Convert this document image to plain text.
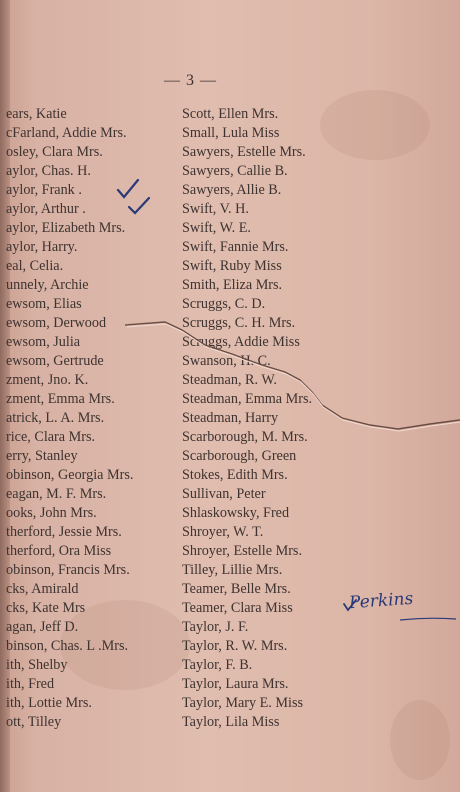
— 3 —
ears, Katie
cFarland, Addie Mrs.
osley, Clara Mrs.
aylor, Chas. H.
aylor, Frank .
aylor, Arthur .
aylor, Elizabeth Mrs.
aylor, Harry.
eal, Celia.
unnely, Archie
ewsom, Elias
ewsom, Derwood
ewsom, Julia
ewsom, Gertrude
zment, Jno. K.
zment, Emma Mrs.
atrick, L. A. Mrs.
rice, Clara Mrs.
erry, Stanley
obinson, Georgia Mrs.
eagan, M. F. Mrs.
ooks, John Mrs.
therford, Jessie Mrs.
therford, Ora Miss
obinson, Francis Mrs.
cks, Amirald
cks, Kate Mrs
agan, Jeff D.
binson, Chas. L .Mrs.
ith, Shelby
ith, Fred
ith, Lottie Mrs.
ott, Tilley
Scott, Ellen Mrs.
Small, Lula Miss
Sawyers, Estelle Mrs.
Sawyers, Callie B.
Sawyers, Allie B.
Swift, V. H.
Swift, W. E.
Swift, Fannie Mrs.
Swift, Ruby Miss
Smith, Eliza Mrs.
Scruggs, C. D.
Scruggs, C. H. Mrs.
Scruggs, Addie Miss
Swanson, H. C.
Steadman, R. W.
Steadman, Emma Mrs.
Steadman, Harry
Scarborough, M. Mrs.
Scarborough, Green
Stokes, Edith Mrs.
Sullivan, Peter
Shlaskowsky, Fred
Shroyer, W. T.
Shroyer, Estelle Mrs.
Tilley, Lillie Mrs.
Teamer, Belle Mrs.
Teamer, Clara Miss
Taylor, J. F.
Taylor, R. W. Mrs.
Taylor, F. B.
Taylor, Laura Mrs.
Taylor, Mary E. Miss
Taylor, Lila Miss
Perkins
